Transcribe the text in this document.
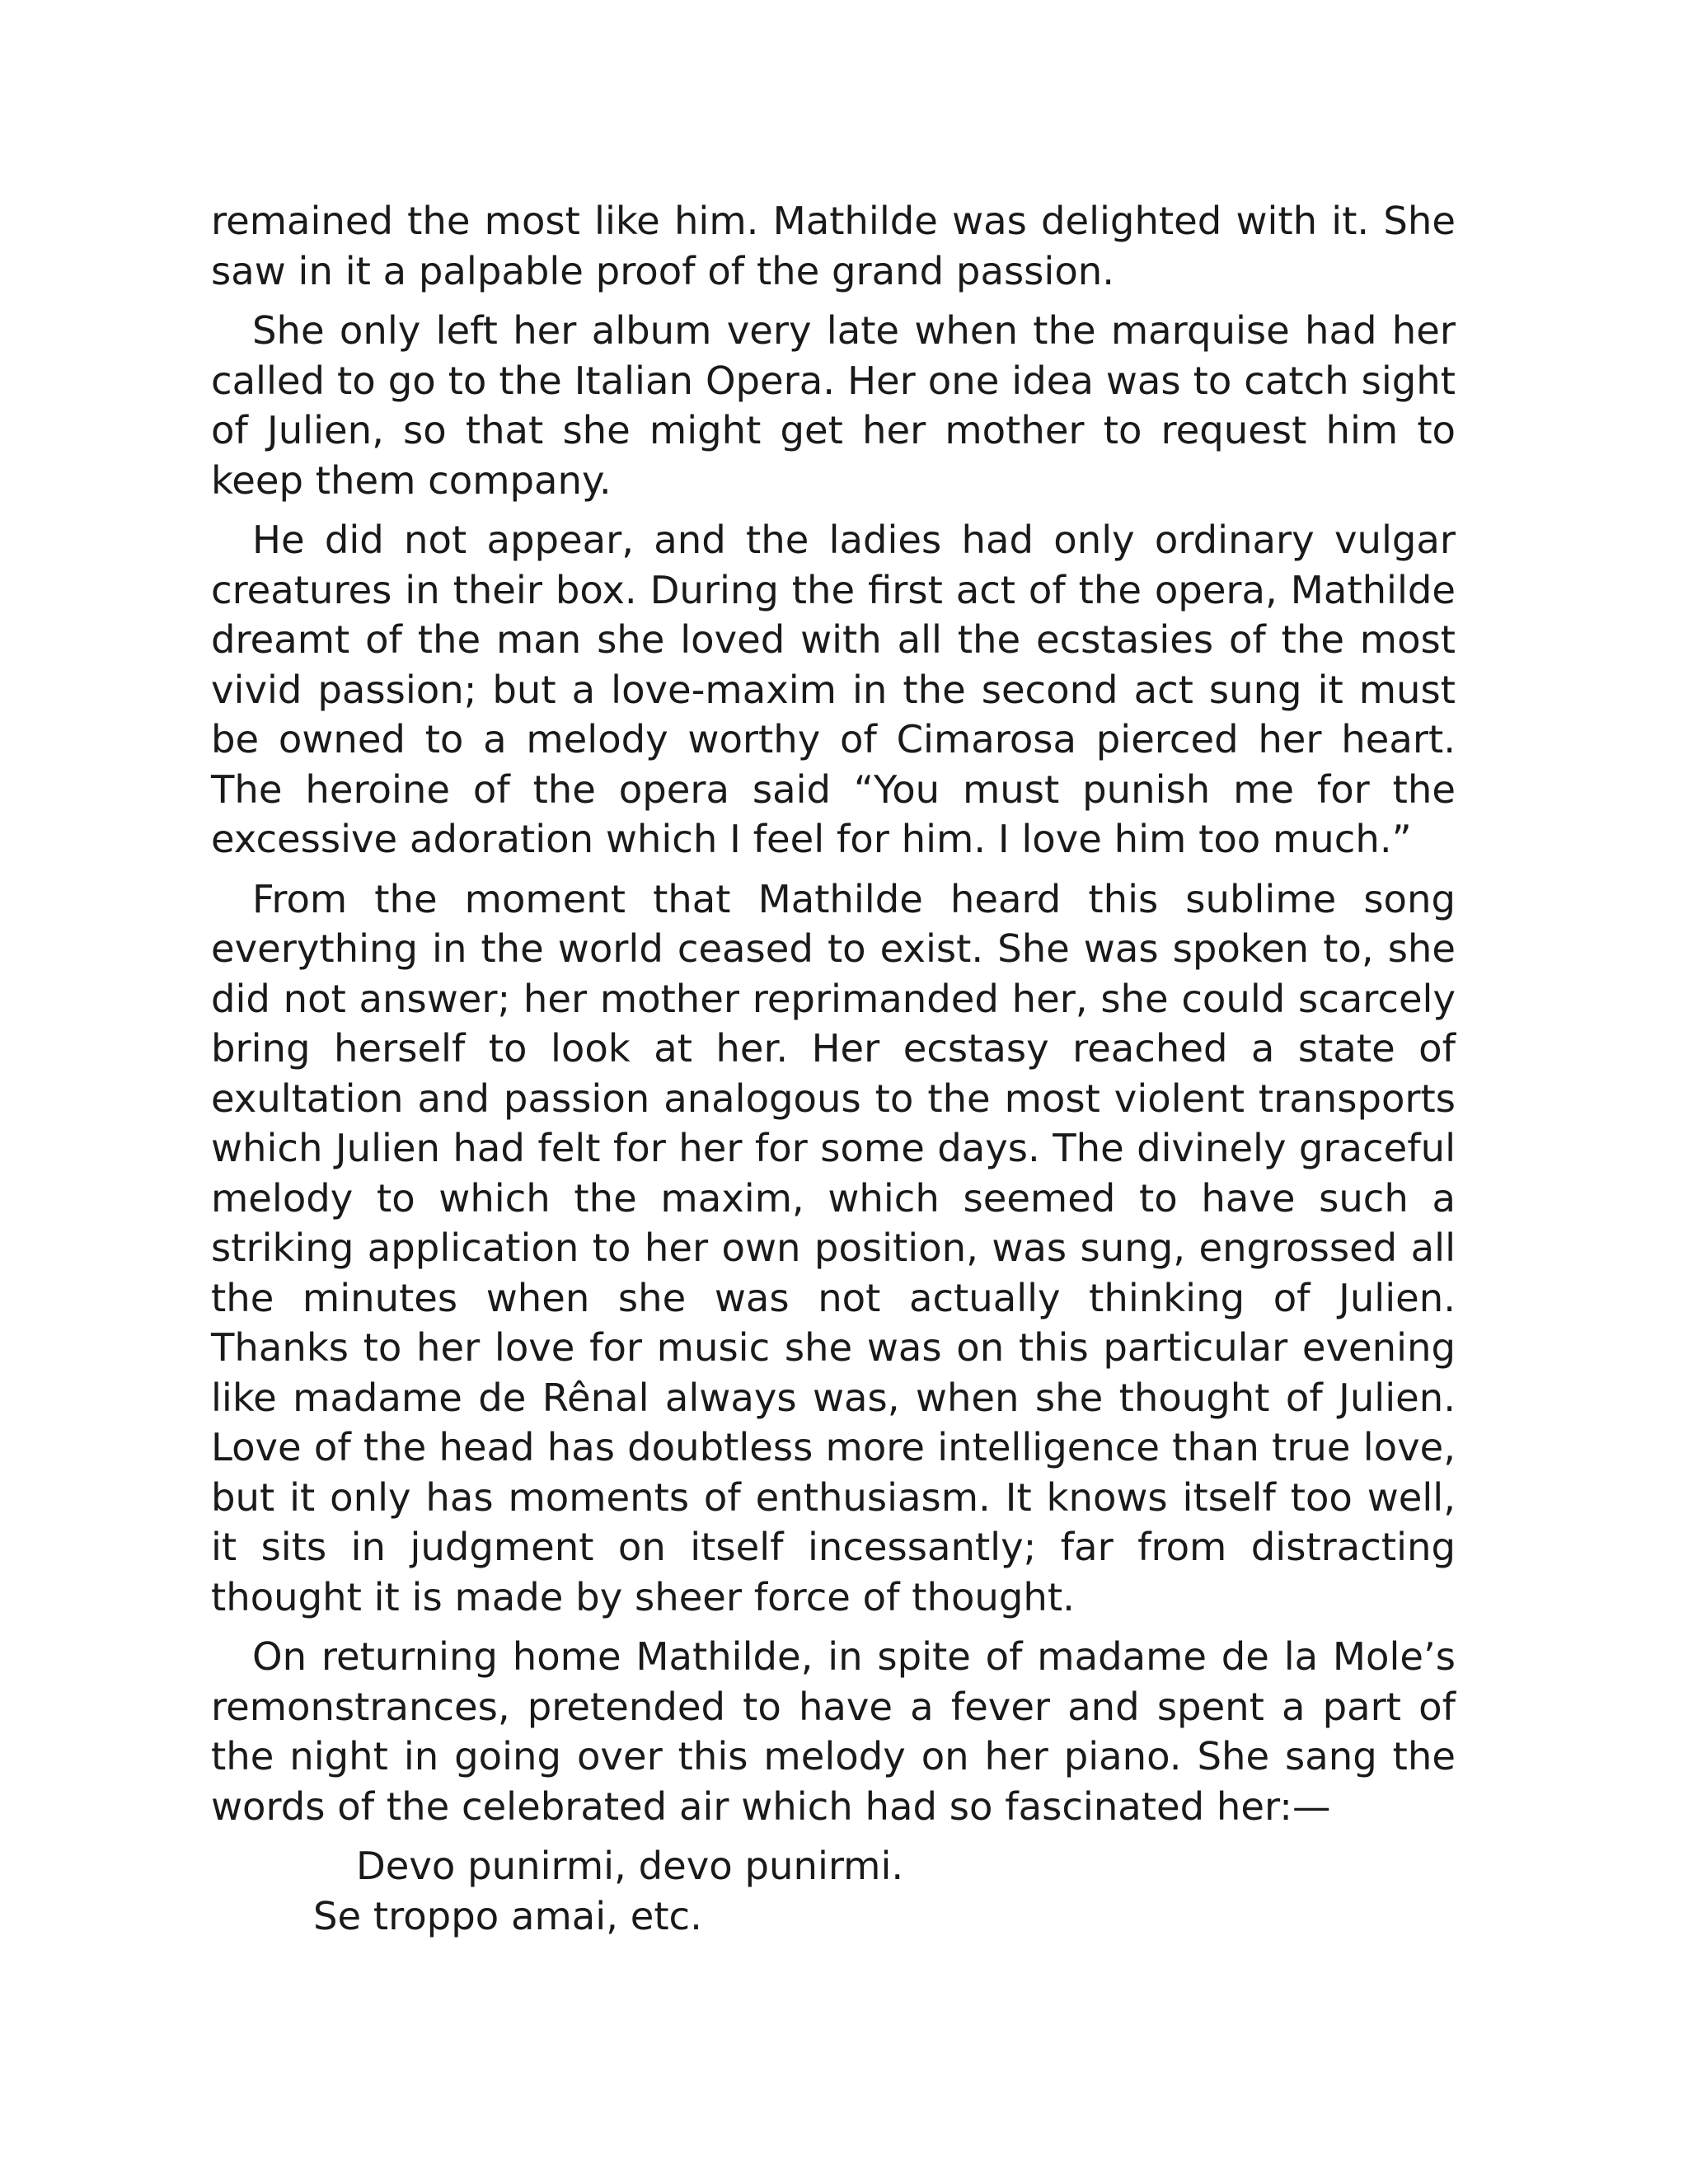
remained the most like him. Mathilde was delighted with it. She saw in it a palpable proof of the grand passion.

She only left her album very late when the marquise had her called to go to the Italian Opera. Her one idea was to catch sight of Julien, so that she might get her mother to request him to keep them company.

He did not appear, and the ladies had only ordinary vulgar creatures in their box. During the first act of the opera, Mathilde dreamt of the man she loved with all the ecstasies of the most vivid passion; but a love-maxim in the second act sung it must be owned to a melody worthy of Cimarosa pierced her heart. The heroine of the opera said “You must punish me for the excessive adoration which I feel for him. I love him too much.”

From the moment that Mathilde heard this sublime song everything in the world ceased to exist. She was spoken to, she did not answer; her mother reprimanded her, she could scarcely bring herself to look at her. Her ecstasy reached a state of exultation and passion analogous to the most violent transports which Julien had felt for her for some days. The divinely graceful melody to which the maxim, which seemed to have such a striking application to her own position, was sung, engrossed all the minutes when she was not actually thinking of Julien. Thanks to her love for music she was on this particular evening like madame de Rênal always was, when she thought of Julien. Love of the head has doubtless more intelligence than true love, but it only has moments of enthusiasm. It knows itself too well, it sits in judgment on itself incessantly; far from distracting thought it is made by sheer force of thought.

On returning home Mathilde, in spite of madame de la Mole’s remonstrances, pretended to have a fever and spent a part of the night in going over this melody on her piano. She sang the words of the celebrated air which had so fascinated her:—

Devo punirmi, devo punirmi.
Se troppo amai, etc.
